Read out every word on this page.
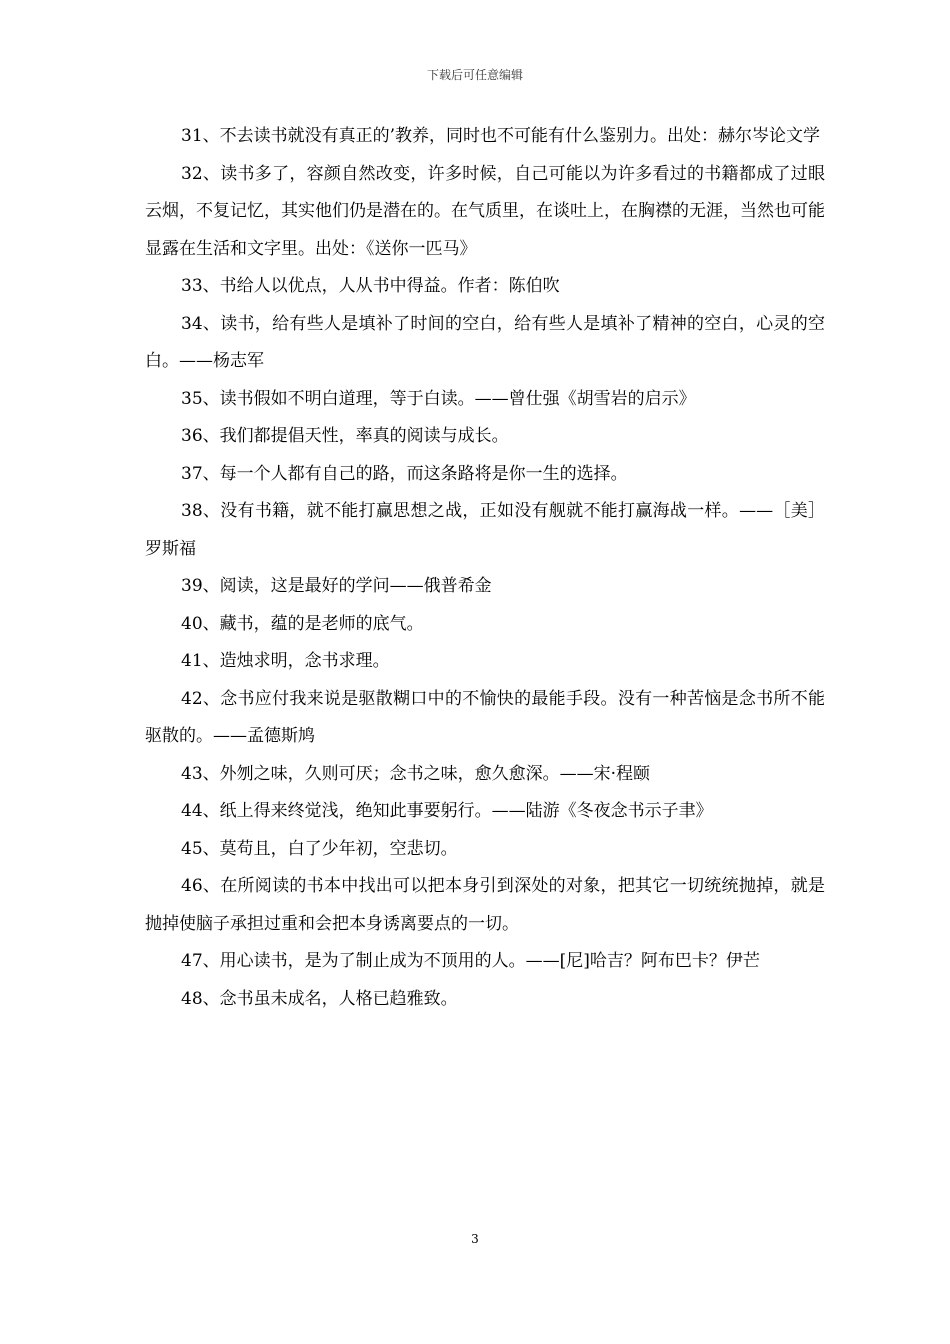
下载后可任意编辑

31、不去读书就没有真正的’教养，同时也不可能有什么鉴别力。出处：赫尔岑论文学

32、读书多了，容颜自然改变，许多时候，自己可能以为许多看过的书籍都成了过眼云烟，不复记忆，其实他们仍是潜在的。在气质里，在谈吐上，在胸襟的无涯，当然也可能显露在生活和文字里。出处：《送你一匹马》

33、书给人以优点，人从书中得益。作者：陈伯吹

34、读书，给有些人是填补了时间的空白，给有些人是填补了精神的空白，心灵的空白。——杨志军

35、读书假如不明白道理，等于白读。——曾仕强《胡雪岩的启示》

36、我们都提倡天性，率真的阅读与成长。

37、每一个人都有自己的路，而这条路将是你一生的选择。

38、没有书籍，就不能打赢思想之战，正如没有舰就不能打赢海战一样。——［美］罗斯福

39、阅读，这是最好的学问——俄普希金

40、藏书，蕴的是老师的底气。

41、造烛求明，念书求理。

42、念书应付我来说是驱散糊口中的不愉快的最能手段。没有一种苦恼是念书所不能驱散的。——孟德斯鸠

43、外刎之味，久则可厌；念书之味，愈久愈深。——宋·程颐

44、纸上得来终觉浅，绝知此事要躬行。——陆游《冬夜念书示子聿》

45、莫苟且，白了少年初，空悲切。

46、在所阅读的书本中找出可以把本身引到深处的对象，把其它一切统统抛掉，就是抛掉使脑子承担过重和会把本身诱离要点的一切。

47、用心读书，是为了制止成为不顶用的人。——[尼]哈吉？阿布巴卡？伊芒

48、念书虽未成名，人格已趋雅致。

3
